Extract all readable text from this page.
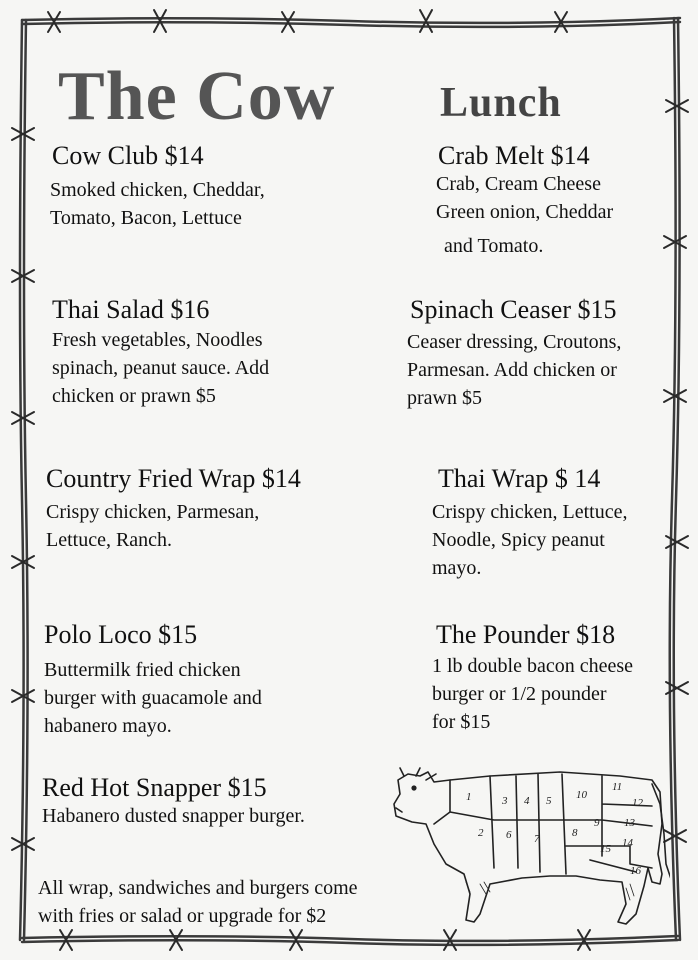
The Cow Lunch
Cow Club $14
Smoked chicken, Cheddar,
Tomato, Bacon, Lettuce
Crab Melt $14
Crab, Cream Cheese
Green onion, Cheddar
and Tomato.
Thai Salad $16
Fresh vegetables, Noodles
spinach, peanut sauce. Add
chicken or prawn $5
Spinach Ceaser $15
Ceaser dressing, Croutons,
Parmesan. Add chicken or
prawn $5
Country Fried Wrap $14
Crispy chicken, Parmesan,
Lettuce, Ranch.
Thai Wrap $ 14
Crispy chicken, Lettuce,
Noodle, Spicy peanut
mayo.
Polo Loco $15
Buttermilk fried chicken
burger with guacamole and
habanero mayo.
The Pounder $18
1 lb double bacon cheese
burger or 1/2 pounder
for $15
Red Hot Snapper $15
Habanero dusted snapper burger.
All wrap, sandwiches and burgers come
with fries or salad or upgrade for $2
1
2
3 4 5
6 7	8
9
10
11
12
13
14
15
16
